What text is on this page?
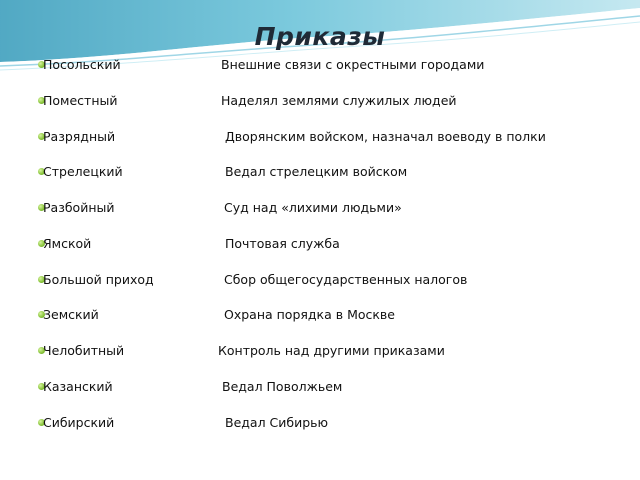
Приказы
Посольский	Внешние связи с окрестными городами
Поместный	Наделял землями служилых людей
Разрядный	Дворянским войском, назначал воеводу в полки
Стрелецкий	Ведал стрелецким войском
Разбойный	Суд над «лихими людьми»
Ямской	Почтовая служба
Большой приход	Сбор общегосударственных налогов
Земский	Охрана порядка в Москве
Челобитный	Контроль над другими приказами
Казанский	Ведал Поволжьем
Сибирский	Ведал Сибирью
